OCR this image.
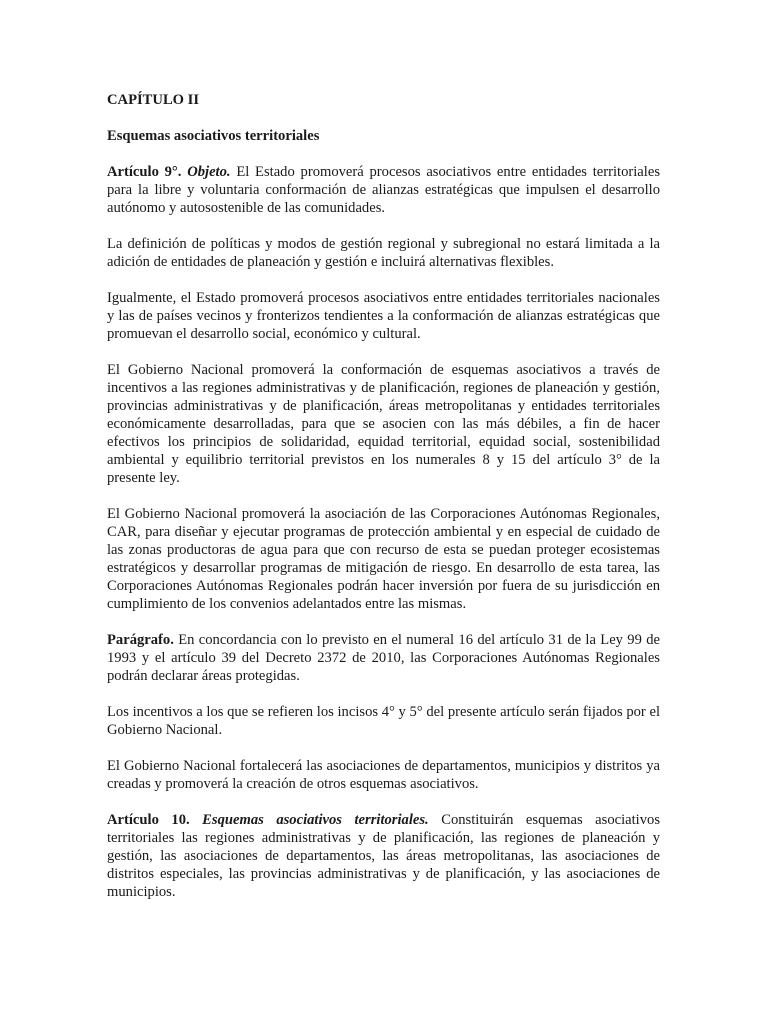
CAPÍTULO II
Esquemas asociativos territoriales

Artículo 9°. Objeto. El Estado promoverá procesos asociativos entre entidades territoriales para la libre y voluntaria conformación de alianzas estratégicas que impulsen el desarrollo autónomo y autosostenible de las comunidades.

La definición de políticas y modos de gestión regional y subregional no estará limitada a la adición de entidades de planeación y gestión e incluirá alternativas flexibles.

Igualmente, el Estado promoverá procesos asociativos entre entidades territoriales nacionales y las de países vecinos y fronterizos tendientes a la conformación de alianzas estratégicas que promuevan el desarrollo social, económico y cultural.

El Gobierno Nacional promoverá la conformación de esquemas asociativos a través de incentivos a las regiones administrativas y de planificación, regiones de planeación y gestión, provincias administrativas y de planificación, áreas metropolitanas y entidades territoriales económicamente desarrolladas, para que se asocien con las más débiles, a fin de hacer efectivos los principios de solidaridad, equidad territorial, equidad social, sostenibilidad ambiental y equilibrio territorial previstos en los numerales 8 y 15 del artículo 3° de la presente ley.

El Gobierno Nacional promoverá la asociación de las Corporaciones Autónomas Regionales, CAR, para diseñar y ejecutar programas de protección ambiental y en especial de cuidado de las zonas productoras de agua para que con recurso de esta se puedan proteger ecosistemas estratégicos y desarrollar programas de mitigación de riesgo. En desarrollo de esta tarea, las Corporaciones Autónomas Regionales podrán hacer inversión por fuera de su jurisdicción en cumplimiento de los convenios adelantados entre las mismas.

Parágrafo. En concordancia con lo previsto en el numeral 16 del artículo 31 de la Ley 99 de 1993 y el artículo 39 del Decreto 2372 de 2010, las Corporaciones Autónomas Regionales podrán declarar áreas protegidas.

Los incentivos a los que se refieren los incisos 4° y 5° del presente artículo serán fijados por el Gobierno Nacional.

El Gobierno Nacional fortalecerá las asociaciones de departamentos, municipios y distritos ya creadas y promoverá la creación de otros esquemas asociativos.

Artículo 10. Esquemas asociativos territoriales. Constituirán esquemas asociativos territoriales las regiones administrativas y de planificación, las regiones de planeación y gestión, las asociaciones de departamentos, las áreas metropolitanas, las asociaciones de distritos especiales, las provincias administrativas y de planificación, y las asociaciones de municipios.
